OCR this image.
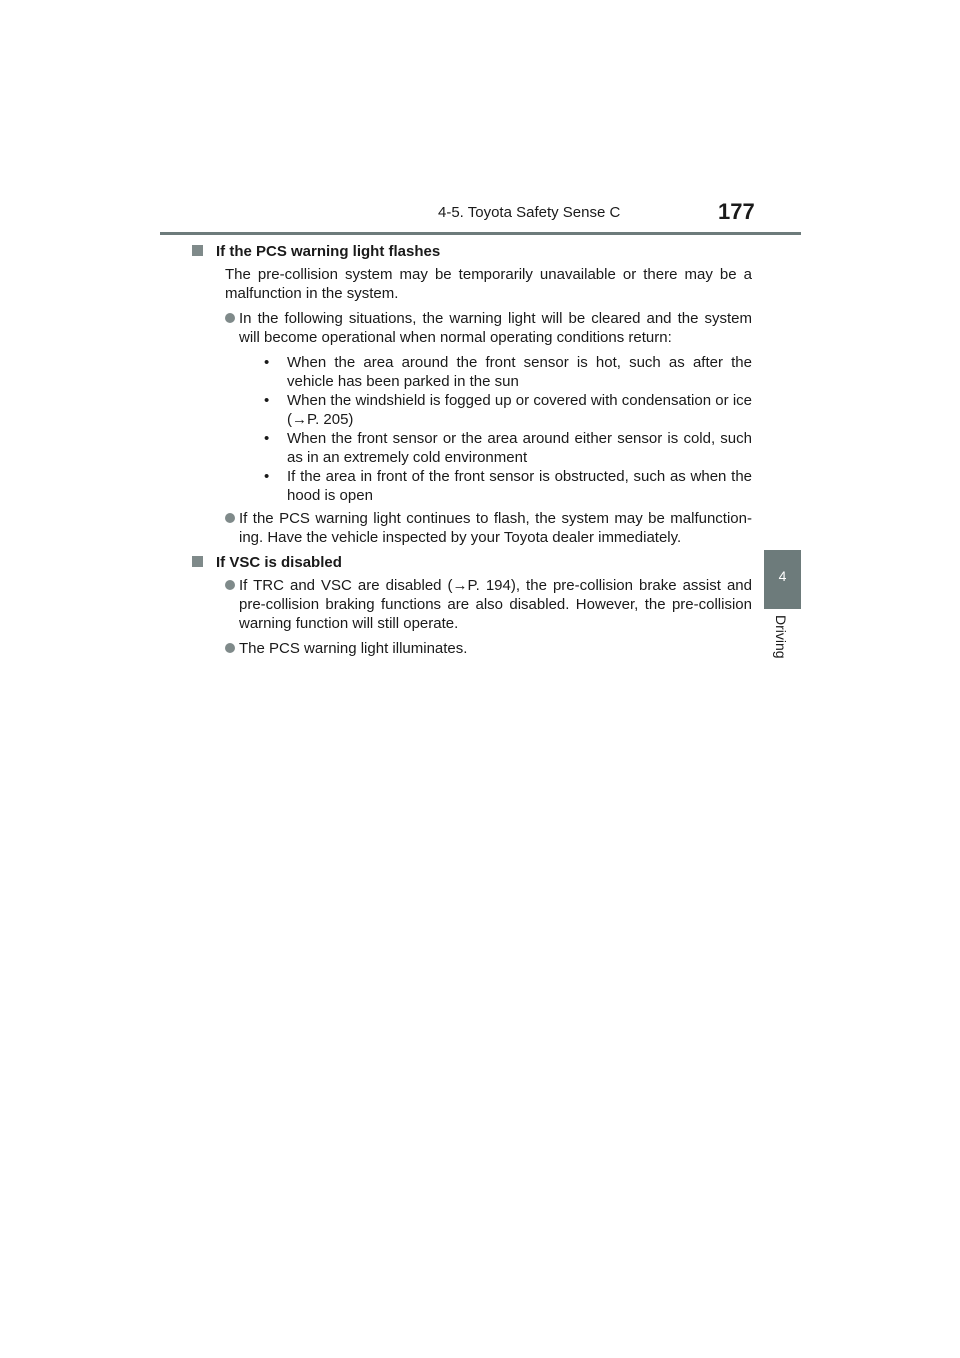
4-5. Toyota Safety Sense C	177
4
Driving
If the PCS warning light flashes
The pre-collision system may be temporarily unavailable or there may be a malfunction in the system.
In the following situations, the warning light will be cleared and the system will become operational when normal operating conditions return:
• When the area around the front sensor is hot, such as after the vehicle has been parked in the sun
• When the windshield is fogged up or covered with condensation or ice (→P. 205)
• When the front sensor or the area around either sensor is cold, such as in an extremely cold environment
• If the area in front of the front sensor is obstructed, such as when the hood is open
If the PCS warning light continues to flash, the system may be malfunction-ing. Have the vehicle inspected by your Toyota dealer immediately.
If VSC is disabled
If TRC and VSC are disabled (→P. 194), the pre-collision brake assist and pre-collision braking functions are also disabled. However, the pre-collision warning function will still operate.
The PCS warning light illuminates.
